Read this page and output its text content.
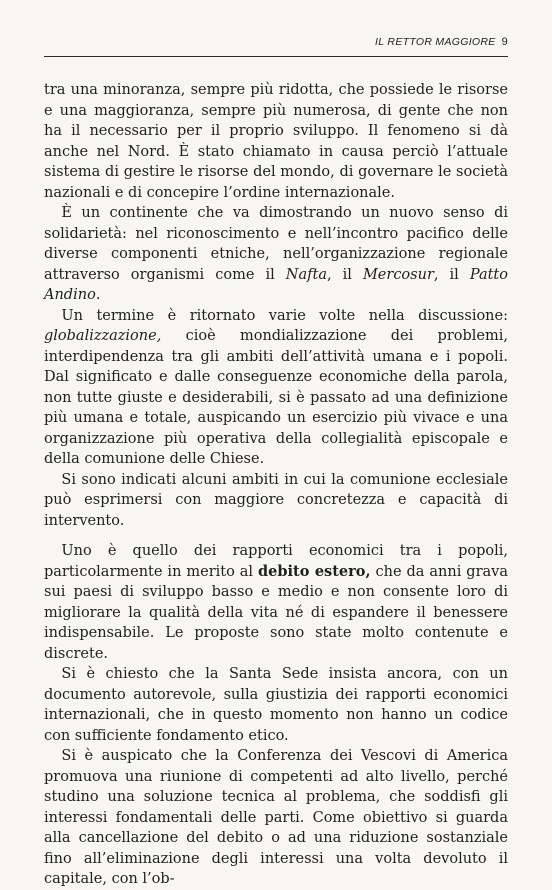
IL RETTOR MAGGIORE 9

tra una minoranza, sempre più ridotta, che possiede le risorse e una maggioranza, sempre più numerosa, di gente che non ha il necessario per il proprio sviluppo. Il fenomeno si dà anche nel Nord. È stato chiamato in causa perciò l’attuale sistema di gestire le risorse del mondo, di governare le società nazionali e di concepire l’ordine internazionale.

È un continente che va dimostrando un nuovo senso di solidarietà: nel riconoscimento e nell’incontro pacifico delle diverse componenti etniche, nell’organizzazione regionale attraverso organismi come il Nafta, il Mercosur, il Patto Andino.

Un termine è ritornato varie volte nella discussione: globalizzazione, cioè mondializzazione dei problemi, interdipendenza tra gli ambiti dell’attività umana e i popoli. Dal significato e dalle conseguenze economiche della parola, non tutte giuste e desiderabili, si è passato ad una definizione più umana e totale, auspicando un esercizio più vivace e una organizzazione più operativa della collegialità episcopale e della comunione delle Chiese.

Si sono indicati alcuni ambiti in cui la comunione ecclesiale può esprimersi con maggiore concretezza e capacità di intervento.

Uno è quello dei rapporti economici tra i popoli, particolarmente in merito al debito estero, che da anni grava sui paesi di sviluppo basso e medio e non consente loro di migliorare la qualità della vita né di espandere il benessere indispensabile. Le proposte sono state molto contenute e discrete.

Si è chiesto che la Santa Sede insista ancora, con un documento autorevole, sulla giustizia dei rapporti economici internazionali, che in questo momento non hanno un codice con sufficiente fondamento etico.

Si è auspicato che la Conferenza dei Vescovi di America promuova una riunione di competenti ad alto livello, perché studino una soluzione tecnica al problema, che soddisfi gli interessi fondamentali delle parti. Come obiettivo si guarda alla cancellazione del debito o ad una riduzione sostanziale fino all’eliminazione degli interessi una volta devoluto il capitale, con l’ob-
